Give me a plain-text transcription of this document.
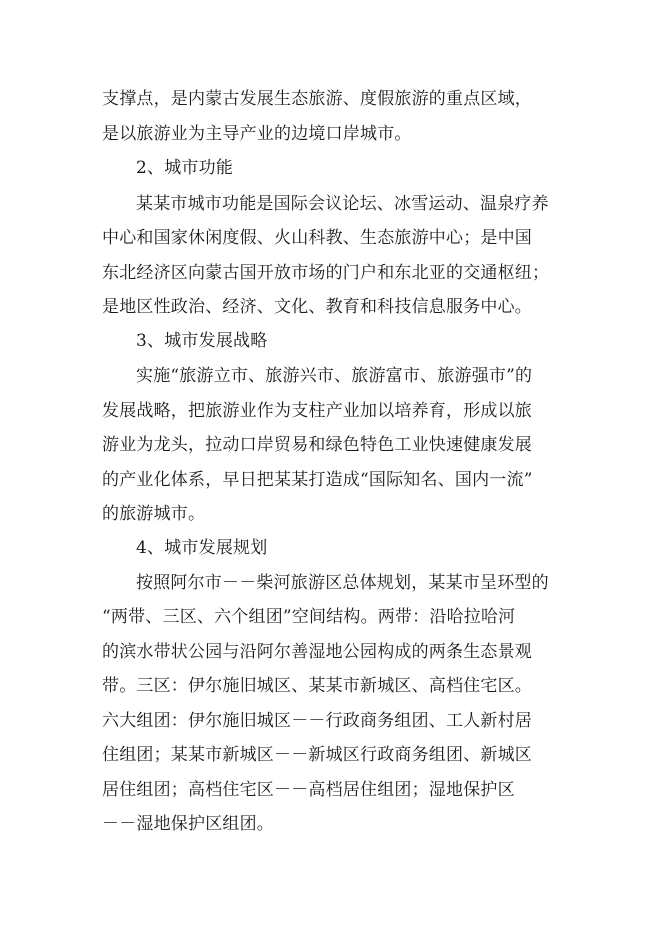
支撑点，是内蒙古发展生态旅游、度假旅游的重点区域，
是以旅游业为主导产业的边境口岸城市。
2、城市功能
某某市城市功能是国际会议论坛、冰雪运动、温泉疗养
中心和国家休闲度假、火山科教、生态旅游中心；是中国
东北经济区向蒙古国开放市场的门户和东北亚的交通枢纽；
是地区性政治、经济、文化、教育和科技信息服务中心。
3、城市发展战略
实施“旅游立市、旅游兴市、旅游富市、旅游强市”的
发展战略，把旅游业作为支柱产业加以培养育，形成以旅
游业为龙头，拉动口岸贸易和绿色特色工业快速健康发展
的产业化体系，早日把某某打造成“国际知名、国内一流”
的旅游城市。
4、城市发展规划
按照阿尔市－－柴河旅游区总体规划，某某市呈环型的
“两带、三区、六个组团”空间结构。两带：沿哈拉哈河
的滨水带状公园与沿阿尔善湿地公园构成的两条生态景观
带。三区：伊尔施旧城区、某某市新城区、高档住宅区。
六大组团：伊尔施旧城区－－行政商务组团、工人新村居
住组团；某某市新城区－－新城区行政商务组团、新城区
居住组团；高档住宅区－－高档居住组团；湿地保护区
－－湿地保护区组团。
